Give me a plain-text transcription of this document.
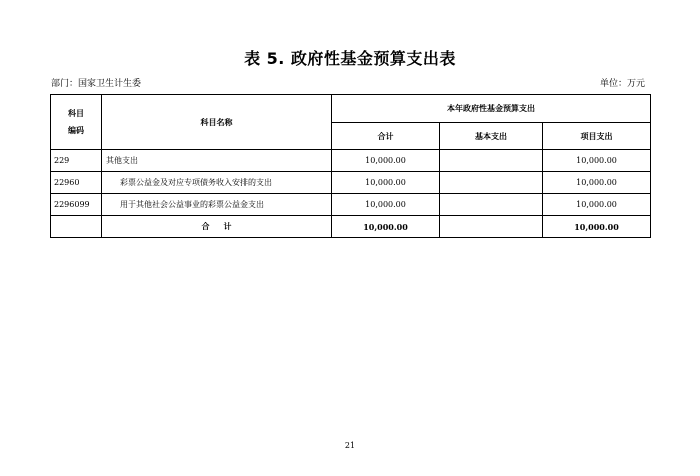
表 5. 政府性基金预算支出表
部门：国家卫生计生委	单位：万元
科目
编码	科目名称	本年政府性基金预算支出		
		合计	基本支出	项目支出
229	其他支出	10,000.00		10,000.00
22960	彩票公益金及对应专项债务收入安排的支出	10,000.00		10,000.00
2296099	用于其他社会公益事业的彩票公益金支出	10,000.00		10,000.00
	合计	10,000.00		10,000.00
21
